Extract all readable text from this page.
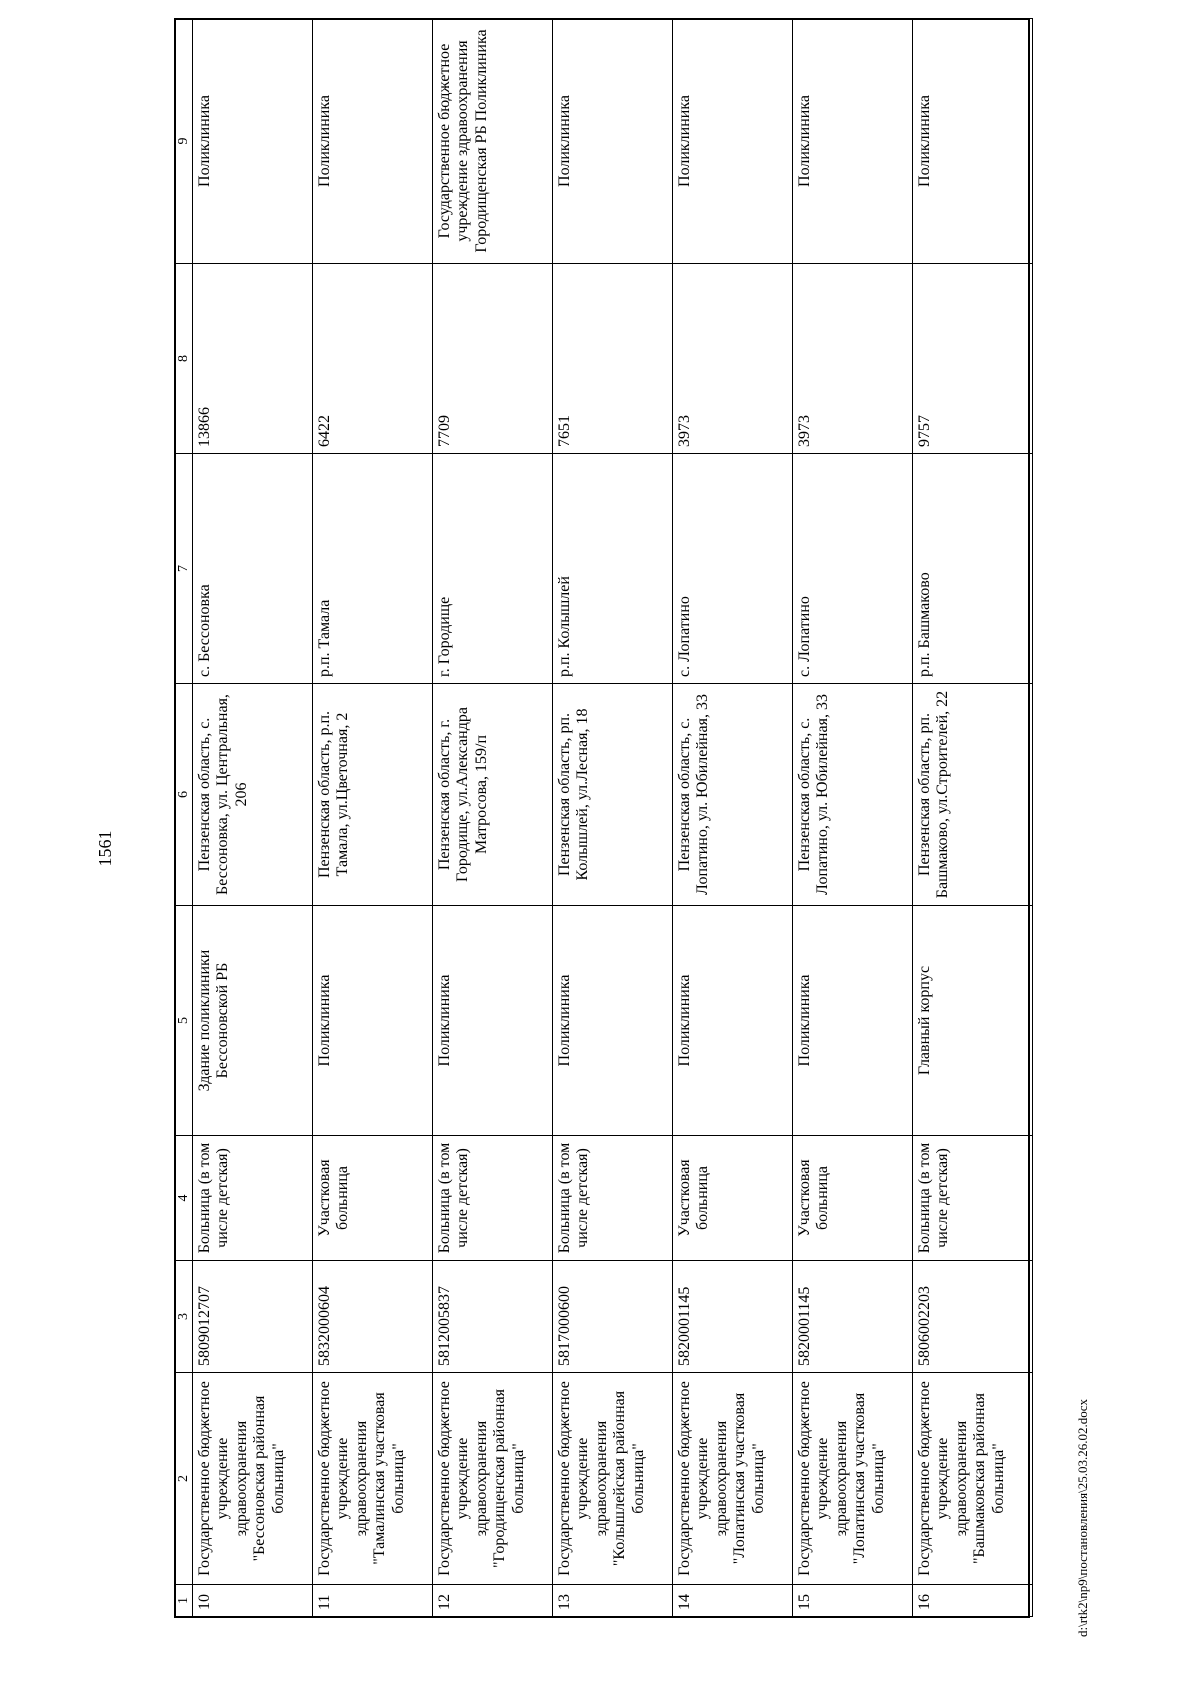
1561
1	2	3	4	5	6	7	8	9
10	Государственное бюджетное учреждение здравоохранения "Бессоновская районная больница"	5809012707	Больница (в том числе детская)	Здание поликлиники Бессоновской РБ	Пензенская область, с. Бессоновка, ул. Центральная, 206	с. Бессоновка	13866	Поликлиника
11	Государственное бюджетное учреждение здравоохранения "Тамалинская участковая больница"	5832000604	Участковая больница	Поликлиника	Пензенская область, р.п. Тамала, ул.Цветочная, 2	р.п. Тамала	6422	Поликлиника
12	Государственное бюджетное учреждение здравоохранения "Городищенская районная больница"	5812005837	Больница (в том числе детская)	Поликлиника	Пензенская область, г. Городище, ул.Александра Матросова, 159/п	г. Городище	7709	Государственное бюджетное учреждение здравоохранения Городищенская РБ Поликлиника
13	Государственное бюджетное учреждение здравоохранения "Колышлейская районная больница"	5817000600	Больница (в том числе детская)	Поликлиника	Пензенская область, рп. Колышлей, ул.Лесная, 18	р.п. Колышлей	7651	Поликлиника
14	Государственное бюджетное учреждение здравоохранения "Лопатинская участковая больница"	5820001145	Участковая больница	Поликлиника	Пензенская область, с. Лопатино, ул. Юбилейная, 33	с. Лопатино	3973	Поликлиника
15	Государственное бюджетное учреждение здравоохранения "Лопатинская участковая больница"	5820001145	Участковая больница	Поликлиника	Пензенская область, с. Лопатино, ул. Юбилейная, 33	с. Лопатино	3973	Поликлиника
16	Государственное бюджетное учреждение здравоохранения "Башмаковская районная больница"	5806002203	Больница (в том числе детская)	Главный корпус	Пензенская область, рп. Башмаково, ул.Строителей, 22	р.п. Башмаково	9757	Поликлиника
d:\rtk2\np9\постановления\25.03.26.02.docx
